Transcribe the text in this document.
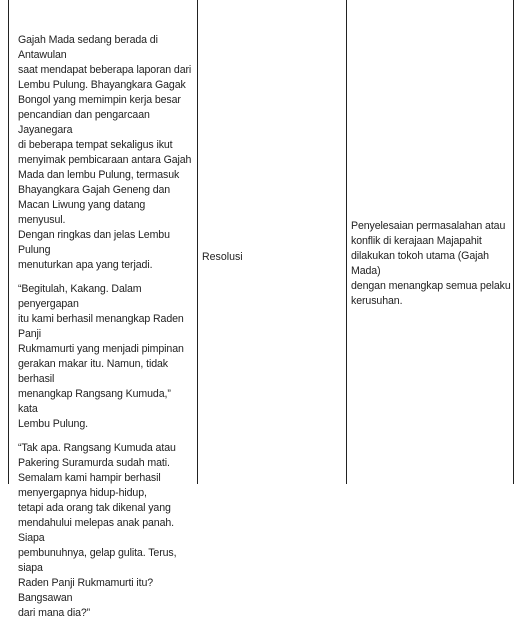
Gajah Mada sedang berada di Antawulan
saat mendapat beberapa laporan dari
Lembu Pulung. Bhayangkara Gagak
Bongol yang memimpin kerja besar
pencandian dan pengarcaan Jayanegara
di beberapa tempat sekaligus ikut
menyimak pembicaraan antara Gajah
Mada dan lembu Pulung, termasuk
Bhayangkara Gajah Geneng dan
Macan Liwung yang datang menyusul.
Dengan ringkas dan jelas Lembu Pulung
menuturkan apa yang terjadi.

“Begitulah, Kakang. Dalam penyergapan
itu kami berhasil menangkap Raden Panji
Rukmamurti yang menjadi pimpinan
gerakan makar itu. Namun, tidak berhasil
menangkap Rangsang Kumuda,” kata
Lembu Pulung.

“Tak apa. Rangsang Kumuda atau
Pakering Suramurda sudah mati.
Semalam kami hampir berhasil
menyergapnya hidup-hidup,
tetapi ada orang tak dikenal yang
mendahului melepas anak panah. Siapa
pembunuhnya, gelap gulita. Terus, siapa
Raden Panji Rukmamurti itu? Bangsawan
dari mana dia?”

Resolusi
Penyelesaian permasalahan atau
konflik di kerajaan Majapahit
dilakukan tokoh utama (Gajah Mada)
dengan menangkap semua pelaku
kerusuhan.
